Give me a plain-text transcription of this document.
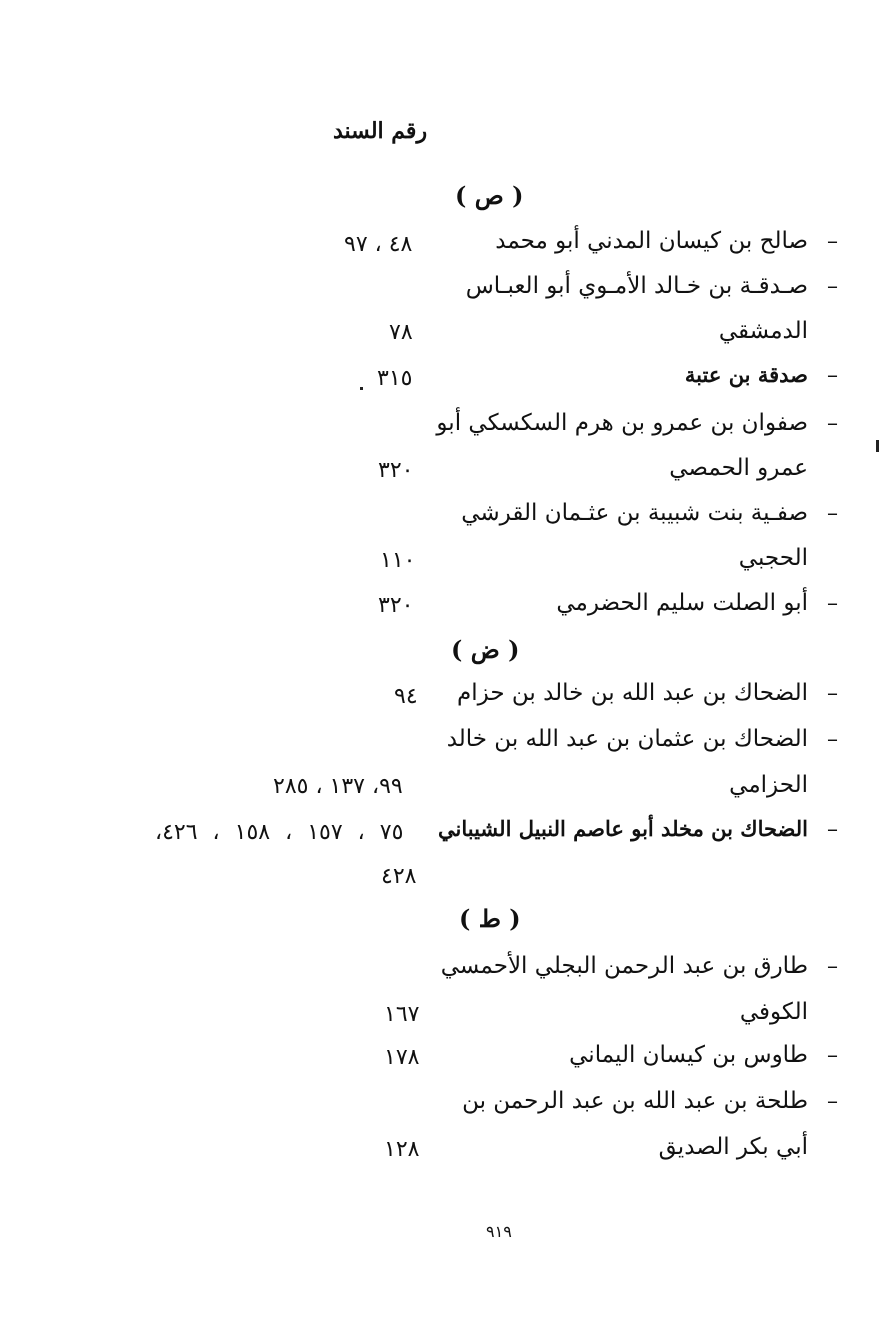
رقم السند
( ص )
–
صالح بن كيسان المدني أبو محمد
٤٨ ، ٩٧
–
صـدقـة بن خـالد الأمـوي أبو العبـاس
الدمشقي
٧٨
–
صدقة بن عتبة
٣١٥
–
صفوان بن عمرو بن هرم السكسكي أبو
عمرو الحمصي
٣٢٠
–
صفـية بنت شبيبة بن عثـمان القرشي
الحجبي
١١٠
–
أبو الصلت سليم الحضرمي
٣٢٠
( ض )
–
الضحاك بن عبد الله بن خالد بن حزام
٩٤
–
الضحاك بن عثمان بن عبد الله بن خالد
الحزامي
٩٩، ١٣٧ ، ٢٨٥
–
الضحاك بن مخلد أبو عاصم النبيل الشيباني
٧٥ ، ١٥٧ ، ١٥٨ ، ٤٢٦،
٤٢٨
( ط )
–
طارق بن عبد الرحمن البجلي الأحمسي
الكوفي
١٦٧
–
طاوس بن كيسان اليماني
١٧٨
–
طلحة بن عبد الله بن عبد الرحمن بن
أبي بكر الصديق
١٢٨
٩١٩
